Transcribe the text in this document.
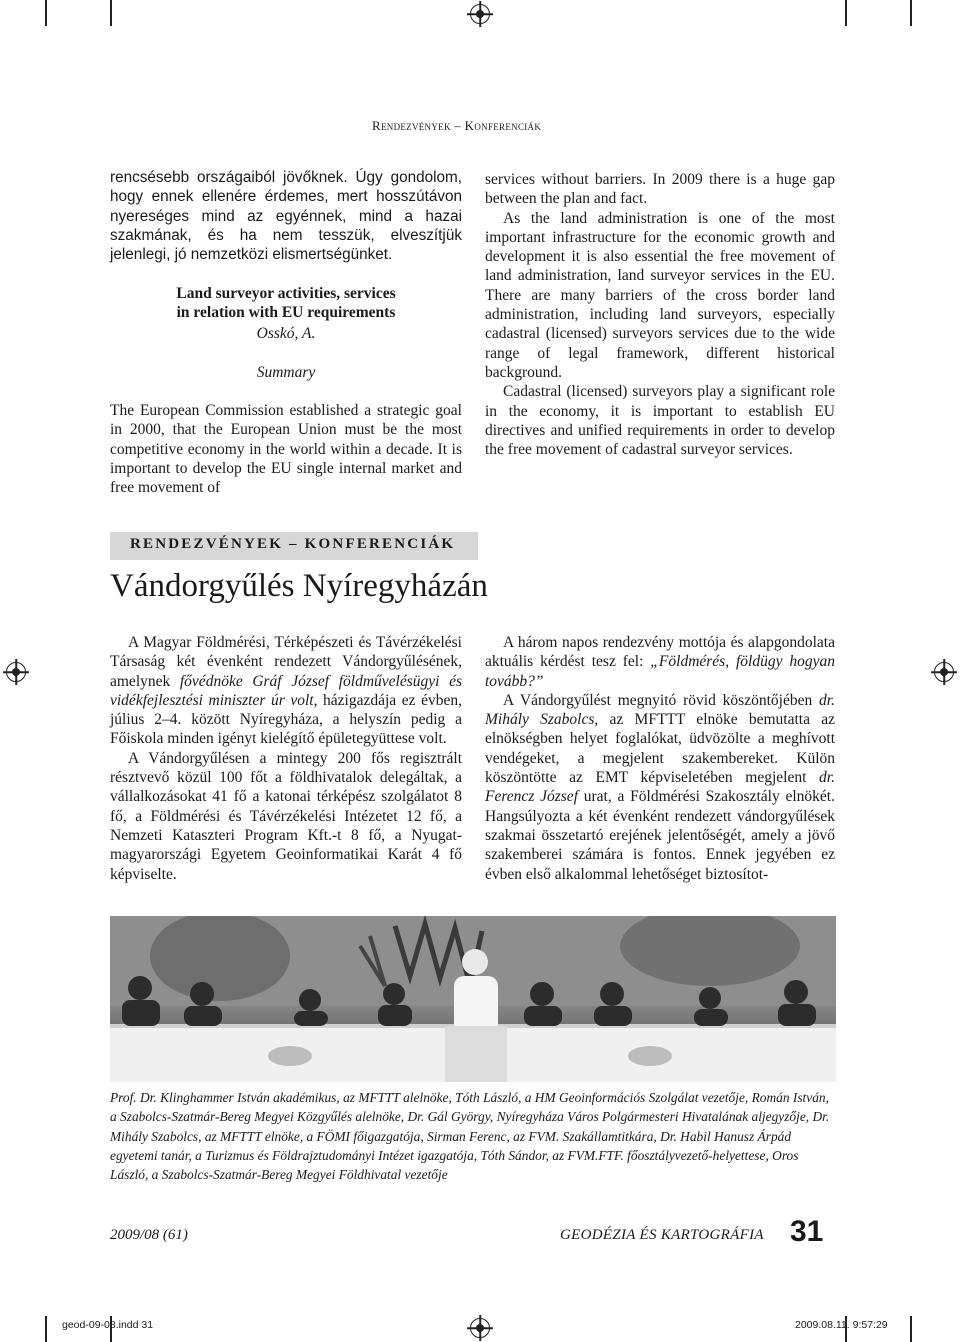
Rendezvények – Konferenciák

rencsésebb országaiból jövőknek. Úgy gondolom, hogy ennek ellenére érdemes, mert hosszútávon nyereséges mind az egyénnek, mind a hazai szakmának, és ha nem tesszük, elveszítjük jelenlegi, jó nemzetközi elismertségünket.

Land surveyor activities, services
in relation with EU requirements
Osskó, A.
Summary

The European Commission established a strategic goal in 2000, that the European Union must be the most competitive economy in the world within a decade. It is important to develop the EU single internal market and free movement of

services without barriers. In 2009 there is a huge gap between the plan and fact.

As the land administration is one of the most important infrastructure for the economic growth and development it is also essential the free movement of land administration, land surveyor services in the EU. There are many barriers of the cross border land administration, including land surveyors, especially cadastral (licensed) surveyors services due to the wide range of legal framework, different historical background.

Cadastral (licensed) surveyors play a significant role in the economy, it is important to establish EU directives and unified requirements in order to develop the free movement of cadastral surveyor services.

RENDEZVÉNYEK – KONFERENCIÁK
Vándorgyűlés Nyíregyházán

A Magyar Földmérési, Térképészeti és Távérzékelési Társaság két évenként rendezett Vándorgyűlésének, amelynek fővédnöke Gráf József földművelésügyi és vidékfejlesztési miniszter úr volt, házigazdája ez évben, július 2–4. között Nyíregyháza, a helyszín pedig a Főiskola minden igényt kielégítő épületegyüttese volt.

A Vándorgyűlésen a mintegy 200 fős regisztrált résztvevő közül 100 főt a földhivatalok delegáltak, a vállalkozásokat 41 fő a katonai térképész szolgálatot 8 fő, a Földmérési és Távérzékelési Intézetet 12 fő, a Nemzeti Kataszteri Program Kft.-t 8 fő, a Nyugat-magyarországi Egyetem Geoinformatikai Karát 4 fő képviselte.

A három napos rendezvény mottója és alapgondolata aktuális kérdést tesz fel: „Földmérés, földügy hogyan tovább?”

A Vándorgyűlést megnyitó rövid köszöntőjében dr. Mihály Szabolcs, az MFTTT elnöke bemutatta az elnökségben helyet foglalókat, üdvözölte a meghívott vendégeket, a megjelent szakembereket. Külön köszöntötte az EMT képviseletében megjelent dr. Ferencz József urat, a Földmérési Szakosztály elnökét. Hangsúlyozta a két évenként rendezett vándorgyűlések szakmai összetartó erejének jelentőségét, amely a jövő szakemberei számára is fontos. Ennek jegyében ez évben első alkalommal lehetőséget biztosítot-

Prof. Dr. Klinghammer István akadémikus, az MFTTT alelnöke, Tóth László, a HM Geoinformációs Szolgálat vezetője, Román István, a Szabolcs-Szatmár-Bereg Megyei Közgyűlés alelnöke, Dr. Gál György, Nyíregyháza Város Polgármesteri Hivatalának aljegyzője, Dr. Mihály Szabolcs, az MFTTT elnöke, a FÖMI főigazgatója, Sirman Ferenc, az FVM. Szakállamtitkára, Dr. Habil Hanusz Árpád egyetemi tanár, a Turizmus és Földrajztudományi Intézet igazgatója, Tóth Sándor, az FVM.FTF. főosztályvezető-helyettese, Oros László, a Szabolcs-Szatmár-Bereg Megyei Földhivatal vezetője
2009/08 (61)	GEODÉZIA ÉS KARTOGRÁFIA 31
geod-09-08.indd 31	2009.08.11. 9:57:29
